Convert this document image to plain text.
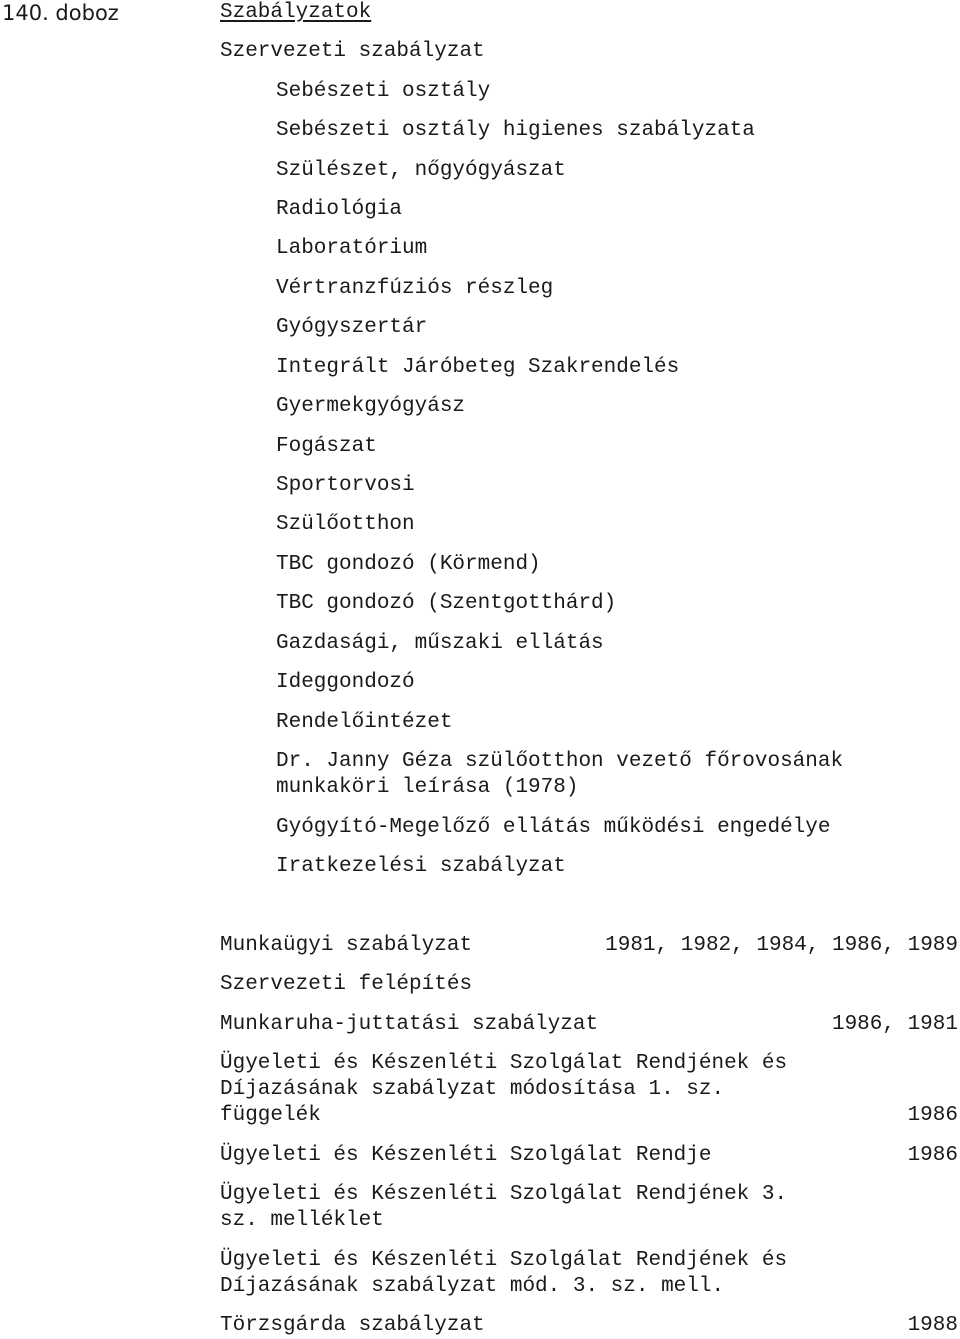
140. doboz	Szabályzatok
Szervezeti szabályzat
Sebészeti osztály
Sebészeti osztály higienes szabályzata
Szülészet, nőgyógyászat
Radiológia
Laboratórium
Vértranzfúziós részleg
Gyógyszertár
Integrált Járóbeteg Szakrendelés
Gyermekgyógyász
Fogászat
Sportorvosi
Szülőotthon
TBC gondozó (Körmend)
TBC gondozó (Szentgotthárd)
Gazdasági, műszaki ellátás
Ideggondozó
Rendelőintézet
Dr. Janny Géza szülőotthon vezető főrovosának munkaköri leírása (1978)
Gyógyító-Megelőző ellátás működési engedélye
Iratkezelési szabályzat
Munkaügyi szabályzat	1981, 1982, 1984, 1986, 1989
Szervezeti felépítés
Munkaruha-juttatási szabályzat	1986, 1981
Ügyeleti és Készenléti Szolgálat Rendjének és Díjazásának szabályzat módosítása 1. sz. függelék	1986
Ügyeleti és Készenléti Szolgálat Rendje	1986
Ügyeleti és Készenléti Szolgálat Rendjének 3. sz. melléklet
Ügyeleti és Készenléti Szolgálat Rendjének és Díjazásának szabályzat mód. 3. sz. mell.
Törzsgárda szabályzat	1988
